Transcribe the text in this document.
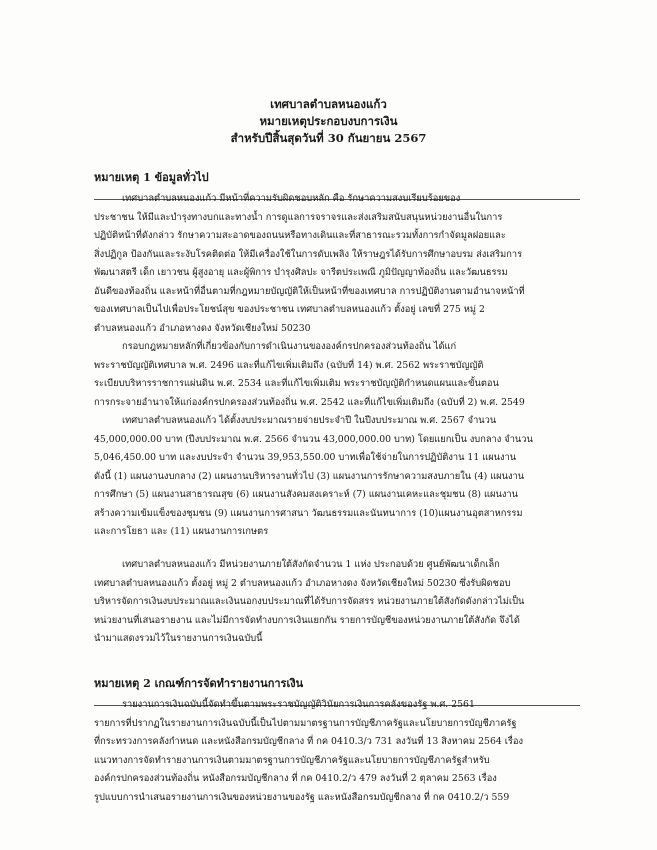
เทศบาลตำบลหนองแก้ว
หมายเหตุประกอบงบการเงิน
สำหรับปีสิ้นสุดวันที่ 30 กันยายน 2567
หมายเหตุ 1 ข้อมูลทั่วไป

เทศบาลตำบลหนองแก้ว มีหน้าที่ความรับผิดชอบหลัก คือ รักษาความสงบเรียบร้อยของ
ประชาชน ให้มีและบำรุงทางบกและทางน้ำ การดูแลการจราจรและส่งเสริมสนับสนุนหน่วยงานอื่นในการ
ปฏิบัติหน้าที่ดังกล่าว รักษาความสะอาดของถนนหรือทางเดินและที่สาธารณะรวมทั้งการกำจัดมูลฝอยและ
สิ่งปฏิกูล ป้องกันและระงับโรคติดต่อ ให้มีเครื่องใช้ในการดับเพลิง ให้ราษฎรได้รับการศึกษาอบรม ส่งเสริมการ
พัฒนาสตรี เด็ก เยาวชน ผู้สูงอายุ และผู้พิการ บำรุงศิลปะ จารีตประเพณี ภูมิปัญญาท้องถิ่น และวัฒนธรรม
อันดีของท้องถิ่น และหน้าที่อื่นตามที่กฎหมายบัญญัติให้เป็นหน้าที่ของเทศบาล การปฏิบัติงานตามอำนาจหน้าที่
ของเทศบาลเป็นไปเพื่อประโยชน์สุข ของประชาชน เทศบาลตำบลหนองแก้ว ตั้งอยู่ เลขที่ 275 หมู่ 2
ตำบลหนองแก้ว อำเภอหางดง จังหวัดเชียงใหม่ 50230

กรอบกฎหมายหลักที่เกี่ยวข้องกับการดำเนินงานขององค์กรปกครองส่วนท้องถิ่น ได้แก่
พระราชบัญญัติเทศบาล พ.ศ. 2496 และที่แก้ไขเพิ่มเติมถึง (ฉบับที่ 14) พ.ศ. 2562 พระราชบัญญัติ
ระเบียบบริหารราชการแผ่นดิน พ.ศ. 2534 และที่แก้ไขเพิ่มเติม พระราชบัญญัติกำหนดแผนและขั้นตอน
การกระจายอำนาจให้แก่องค์กรปกครองส่วนท้องถิ่น พ.ศ. 2542 และที่แก้ไขเพิ่มเติมถึง (ฉบับที่ 2) พ.ศ. 2549

เทศบาลตำบลหนองแก้ว ได้ตั้งงบประมาณรายจ่ายประจำปี ในปีงบประมาณ พ.ศ. 2567 จำนวน
45,000,000.00 บาท (ปีงบประมาณ พ.ศ. 2566 จำนวน 43,000,000.00 บาท) โดยแยกเป็น งบกลาง จำนวน
5,046,450.00 บาท และงบประจำ จำนวน 39,953,550.00 บาทเพื่อใช้จ่ายในการปฏิบัติงาน 11 แผนงาน
ดังนี้ (1) แผนงานงบกลาง (2) แผนงานบริหารงานทั่วไป (3) แผนงานการรักษาความสงบภายใน (4) แผนงาน
การศึกษา (5) แผนงานสาธารณสุข (6) แผนงานสังคมสงเคราะห์ (7) แผนงานเคหะและชุมชน (8) แผนงาน
สร้างความเข้มแข็งของชุมชน (9) แผนงานการศาสนา วัฒนธรรมและนันทนาการ (10)แผนงานอุตสาหกรรม
และการโยธา และ (11) แผนงานการเกษตร

เทศบาลตำบลหนองแก้ว มีหน่วยงานภายใต้สังกัดจำนวน 1 แห่ง ประกอบด้วย ศูนย์พัฒนาเด็กเล็ก
เทศบาลตำบลหนองแก้ว ตั้งอยู่ หมู่ 2 ตำบลหนองแก้ว อำเภอหางดง จังหวัดเชียงใหม่ 50230 ซึ่งรับผิดชอบ
บริหารจัดการเงินงบประมาณและเงินนอกงบประมาณที่ได้รับการจัดสรร หน่วยงานภายใต้สังกัดดังกล่าวไม่เป็น
หน่วยงานที่เสนอรายงาน และไม่มีการจัดทำงบการเงินแยกกัน รายการบัญชีของหน่วยงานภายใต้สังกัด จึงได้
นำมาแสดงรวมไว้ในรายงานการเงินฉบับนี้

หมายเหตุ 2 เกณฑ์การจัดทำรายงานการเงิน

รายงานการเงินฉบับนี้จัดทำขึ้นตามพระราชบัญญัติวินัยการเงินการคลังของรัฐ พ.ศ. 2561
รายการที่ปรากฏในรายงานการเงินฉบับนี้เป็นไปตามมาตรฐานการบัญชีภาครัฐและนโยบายการบัญชีภาครัฐ
ที่กระทรวงการคลังกำหนด และหนังสือกรมบัญชีกลาง ที่ กค 0410.3/ว 731 ลงวันที่ 13 สิงหาคม 2564 เรื่อง
แนวทางการจัดทำรายงานการเงินตามมาตรฐานการบัญชีภาครัฐและนโยบายการบัญชีภาครัฐสำหรับ
องค์กรปกครองส่วนท้องถิ่น หนังสือกรมบัญชีกลาง ที่ กค 0410.2/ว 479 ลงวันที่ 2 ตุลาคม 2563 เรื่อง
รูปแบบการนำเสนอรายงานการเงินของหน่วยงานของรัฐ และหนังสือกรมบัญชีกลาง ที่ กค 0410.2/ว 559
